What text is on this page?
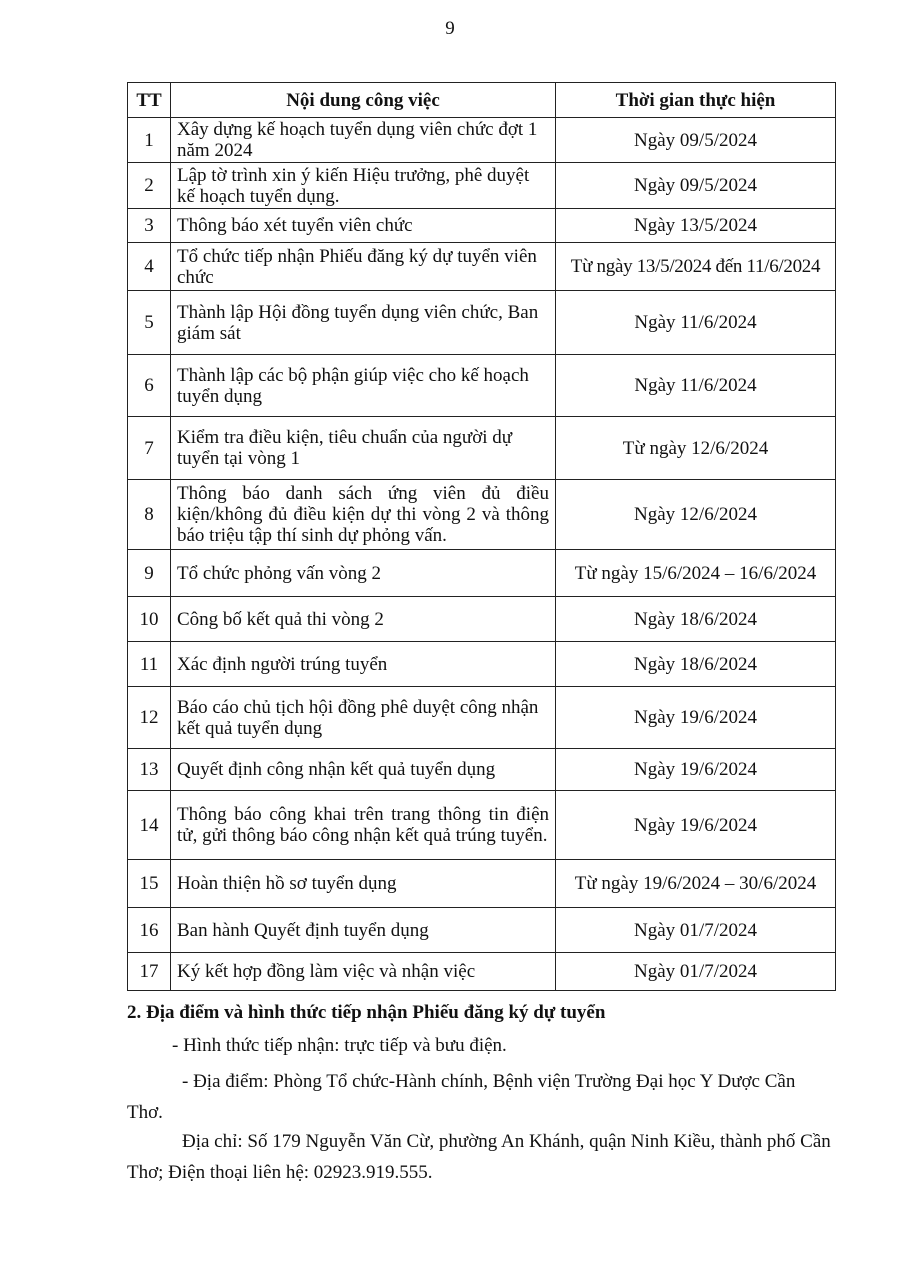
9
TT	Nội dung công việc	Thời gian thực hiện
1	Xây dựng kế hoạch tuyển dụng viên chức đợt 1 năm 2024	Ngày 09/5/2024
2	Lập tờ trình xin ý kiến Hiệu trưởng, phê duyệt kế hoạch tuyển dụng.	Ngày 09/5/2024
3	Thông báo xét tuyển viên chức	Ngày 13/5/2024
4	Tổ chức tiếp nhận Phiếu đăng ký dự tuyển viên chức	Từ ngày 13/5/2024 đến 11/6/2024
5	Thành lập Hội đồng tuyển dụng viên chức, Ban giám sát	Ngày 11/6/2024
6	Thành lập các bộ phận giúp việc cho kế hoạch tuyển dụng	Ngày 11/6/2024
7	Kiểm tra điều kiện, tiêu chuẩn của người dự tuyển tại vòng 1	Từ ngày 12/6/2024
8	Thông báo danh sách ứng viên đủ điều kiện/không đủ điều kiện dự thi vòng 2 và thông báo triệu tập thí sinh dự phỏng vấn.	Ngày 12/6/2024
9	Tổ chức phỏng vấn vòng 2	Từ ngày 15/6/2024 – 16/6/2024
10	Công bố kết quả thi vòng 2	Ngày 18/6/2024
11	Xác định người trúng tuyển	Ngày 18/6/2024
12	Báo cáo chủ tịch hội đồng phê duyệt công nhận kết quả tuyển dụng	Ngày 19/6/2024
13	Quyết định công nhận kết quả tuyển dụng	Ngày 19/6/2024
14	Thông báo công khai trên trang thông tin điện tử, gửi thông báo công nhận kết quả trúng tuyển.	Ngày 19/6/2024
15	Hoàn thiện hồ sơ tuyển dụng	Từ ngày 19/6/2024 – 30/6/2024
16	Ban hành Quyết định tuyển dụng	Ngày 01/7/2024
17	Ký kết hợp đồng làm việc và nhận việc	Ngày 01/7/2024
2. Địa điểm và hình thức tiếp nhận Phiếu đăng ký dự tuyển
- Hình thức tiếp nhận: trực tiếp và bưu điện.
- Địa điểm: Phòng Tổ chức-Hành chính, Bệnh viện Trường Đại học Y Dược Cần Thơ.
Địa chỉ: Số 179 Nguyễn Văn Cừ, phường An Khánh, quận Ninh Kiều, thành phố Cần Thơ; Điện thoại liên hệ: 02923.919.555.
